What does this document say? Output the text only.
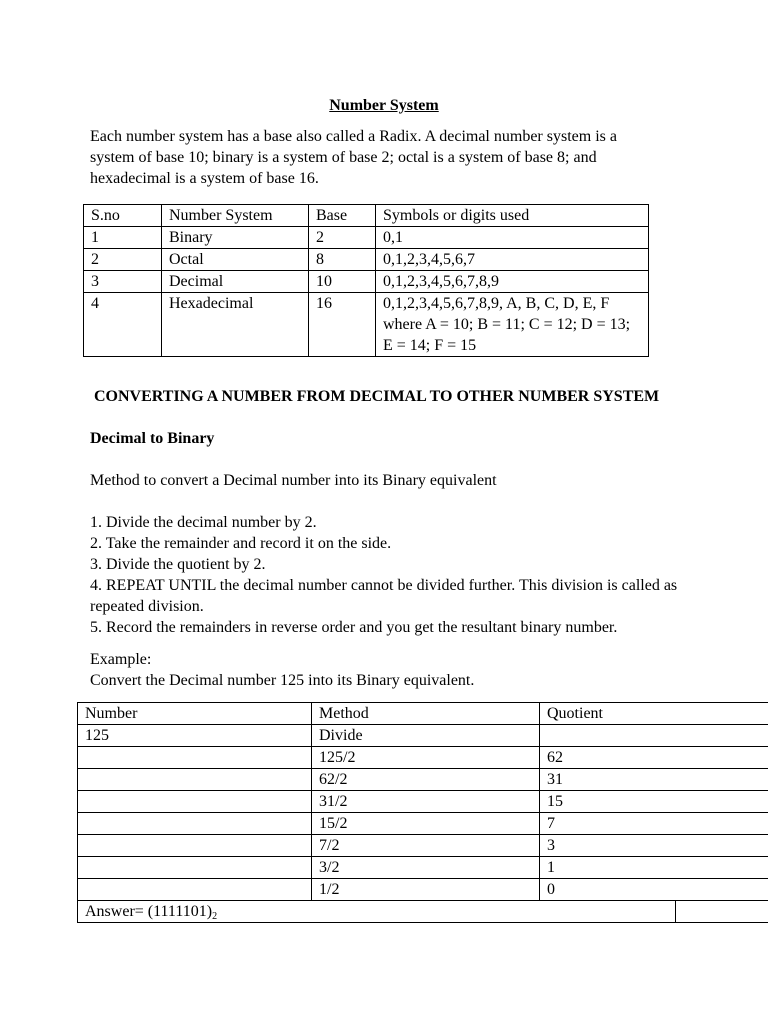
Number System
Each number system has a base also called a Radix. A decimal number system is a system of base 10; binary is a system of base 2; octal is a system of base 8; and hexadecimal is a system of base 16.
S.no	Number System	Base	Symbols or digits used
1	Binary	2	0,1
2	Octal	8	0,1,2,3,4,5,6,7
3	Decimal	10	0,1,2,3,4,5,6,7,8,9
4	Hexadecimal	16	0,1,2,3,4,5,6,7,8,9, A, B, C, D, E, F where A = 10; B = 11; C = 12; D = 13; E = 14; F = 15
CONVERTING A NUMBER FROM DECIMAL TO OTHER NUMBER SYSTEM
Decimal to Binary
Method to convert a Decimal number into its Binary equivalent
1. Divide the decimal number by 2.
2. Take the remainder and record it on the side.
3. Divide the quotient by 2.
4. REPEAT UNTIL the decimal number cannot be divided further. This division is called as repeated division.
5. Record the remainders in reverse order and you get the resultant binary number.
Example:
Convert the Decimal number 125 into its Binary equivalent.
Number	Method	Quotient	
125	Divide		
	125/2	62	
	62/2	31	
	31/2	15	
	15/2	7	
	7/2	3	
	3/2	1	
	1/2	0	
Answer= $(1111101)_2$	
